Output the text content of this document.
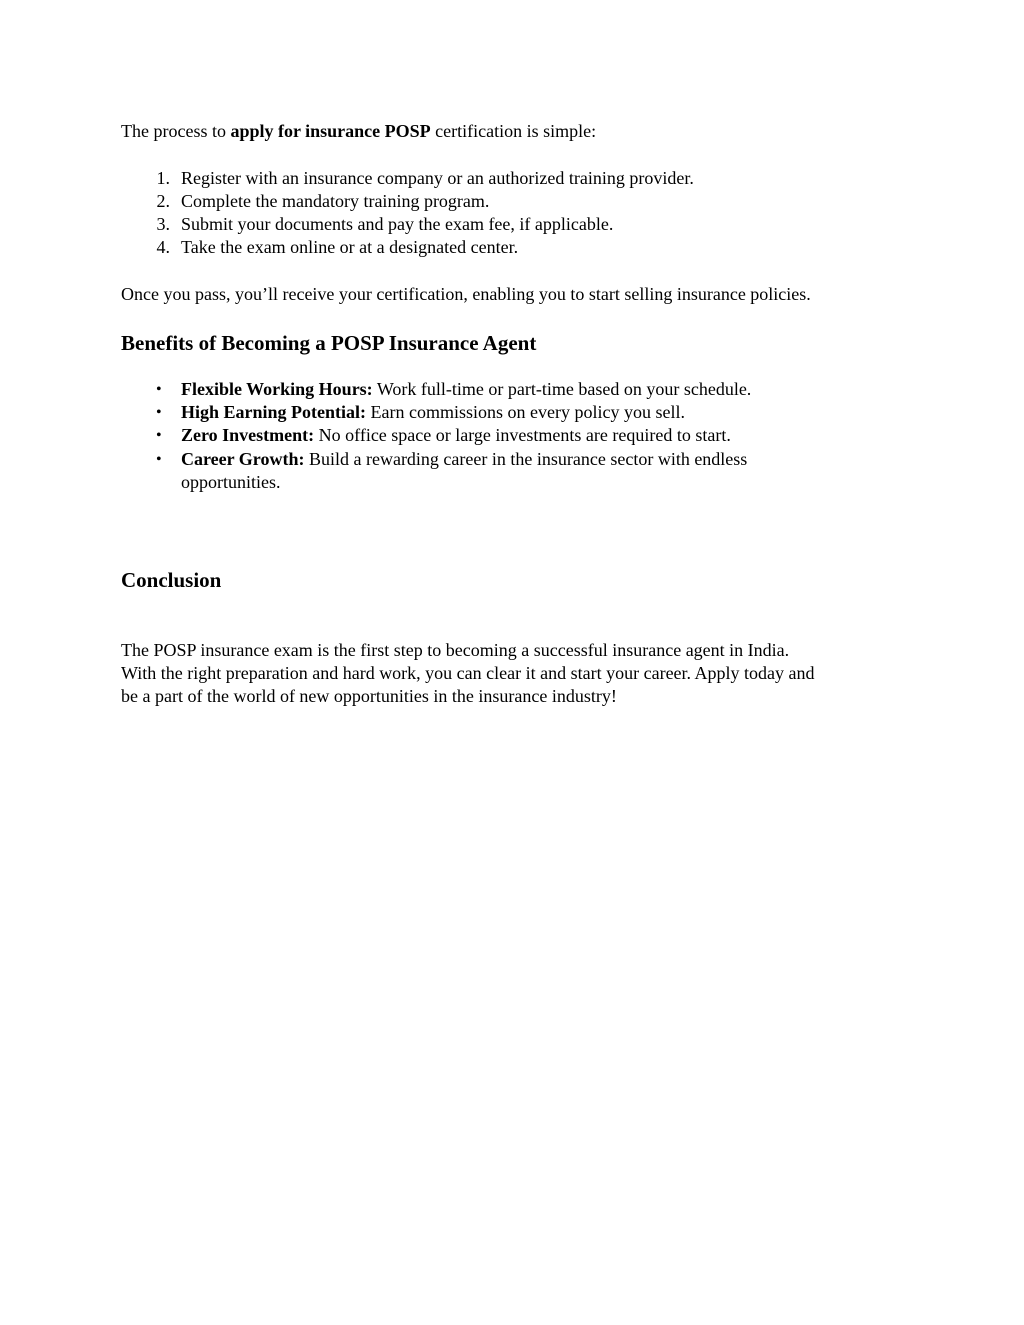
The process to apply for insurance POSP certification is simple:
1. Register with an insurance company or an authorized training provider.
2. Complete the mandatory training program.
3. Submit your documents and pay the exam fee, if applicable.
4. Take the exam online or at a designated center.
Once you pass, you’ll receive your certification, enabling you to start selling insurance policies.
Benefits of Becoming a POSP Insurance Agent
• Flexible Working Hours: Work full-time or part-time based on your schedule.
• High Earning Potential: Earn commissions on every policy you sell.
• Zero Investment: No office space or large investments are required to start.
• Career Growth: Build a rewarding career in the insurance sector with endless
opportunities.
Conclusion
The POSP insurance exam is the first step to becoming a successful insurance agent in India.
With the right preparation and hard work, you can clear it and start your career. Apply today and
be a part of the world of new opportunities in the insurance industry!
